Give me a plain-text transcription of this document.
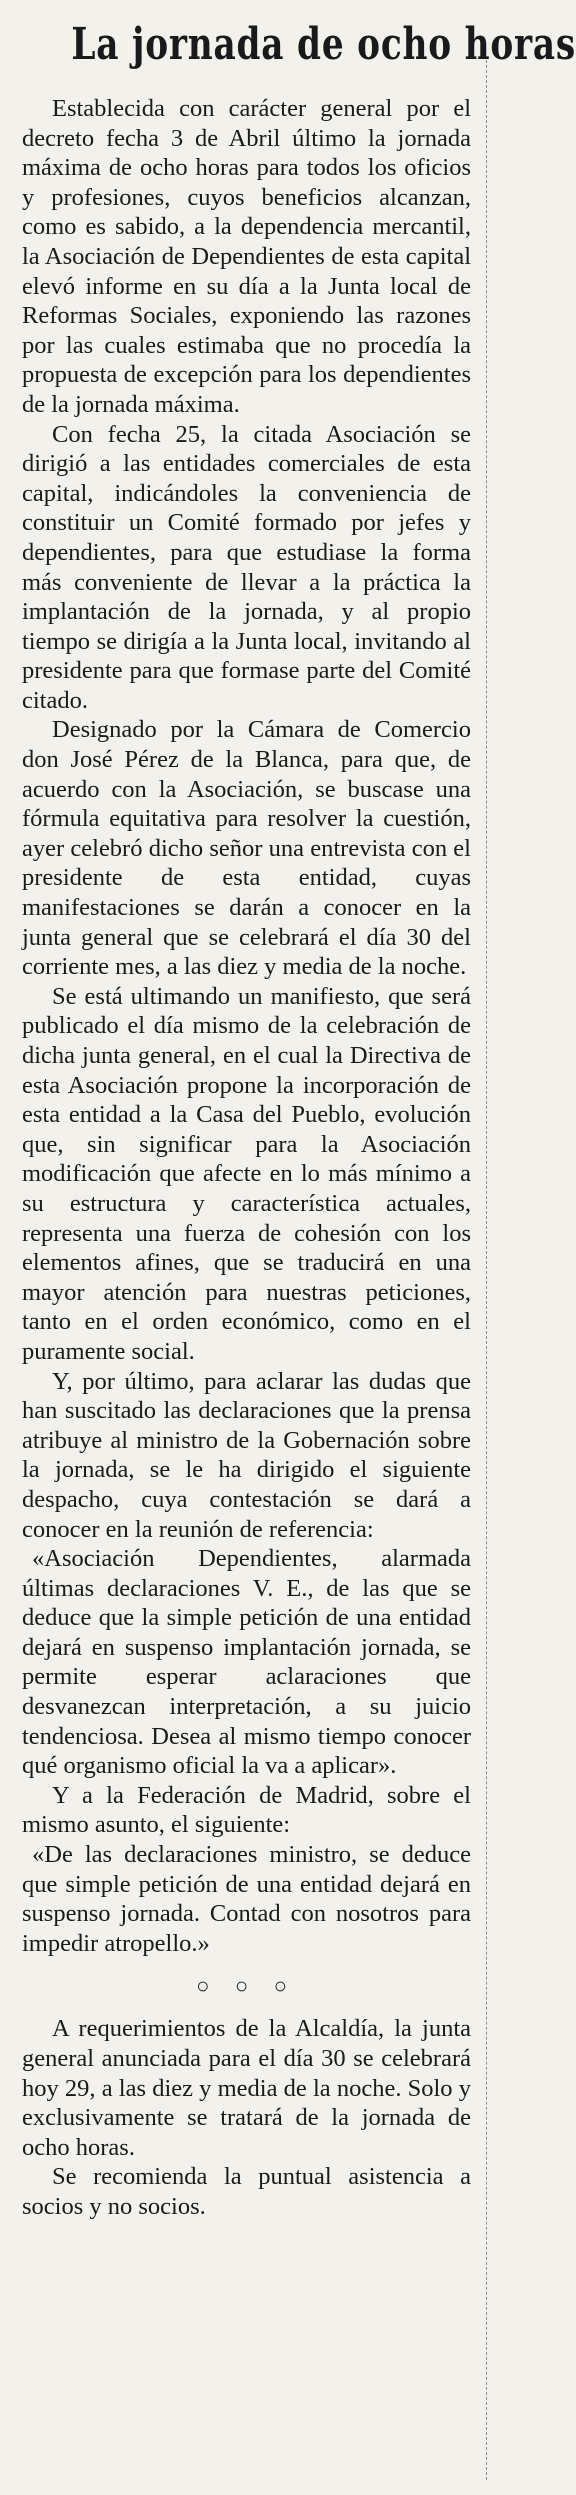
La jornada de ocho horas

Establecida con carácter general por el decreto fecha 3 de Abril último la jornada máxima de ocho horas para todos los oficios y profesiones, cuyos beneficios alcanzan, como es sabido, a la dependencia mercantil, la Asociación de Dependientes de esta capital elevó informe en su día a la Junta local de Reformas Sociales, exponiendo las razones por las cuales estimaba que no procedía la propuesta de excepción para los dependientes de la jornada máxima.

Con fecha 25, la citada Asociación se dirigió a las entidades comerciales de esta capital, indicándoles la conveniencia de constituir un Comité formado por jefes y dependientes, para que estudiase la forma más conveniente de llevar a la práctica la implantación de la jornada, y al propio tiempo se dirigía a la Junta local, invitando al presidente para que formase parte del Comité citado.

Designado por la Cámara de Comercio don José Pérez de la Blanca, para que, de acuerdo con la Asociación, se buscase una fórmula equitativa para resolver la cuestión, ayer celebró dicho señor una entrevista con el presidente de esta entidad, cuyas manifestaciones se darán a conocer en la junta general que se celebrará el día 30 del corriente mes, a las diez y media de la noche.

Se está ultimando un manifiesto, que será publicado el día mismo de la celebración de dicha junta general, en el cual la Directiva de esta Asociación propone la incorporación de esta entidad a la Casa del Pueblo, evolución que, sin significar para la Asociación modificación que afecte en lo más mínimo a su estructura y característica actuales, representa una fuerza de cohesión con los elementos afines, que se traducirá en una mayor atención para nuestras peticiones, tanto en el orden económico, como en el puramente social.

Y, por último, para aclarar las dudas que han suscitado las declaraciones que la prensa atribuye al ministro de la Gobernación sobre la jornada, se le ha dirigido el siguiente despacho, cuya contestación se dará a conocer en la reunión de referencia:

«Asociación Dependientes, alarmada últimas declaraciones V. E., de las que se deduce que la simple petición de una entidad dejará en suspenso implantación jornada, se permite esperar aclaraciones que desvanezcan interpretación, a su juicio tendenciosa. Desea al mismo tiempo conocer qué organismo oficial la va a aplicar».

Y a la Federación de Madrid, sobre el mismo asunto, el siguiente:

«De las declaraciones ministro, se deduce que simple petición de una entidad dejará en suspenso jornada. Contad con nosotros para impedir atropello.»

○ ○ ○

A requerimientos de la Alcaldía, la junta general anunciada para el día 30 se celebrará hoy 29, a las diez y media de la noche. Solo y exclusivamente se tratará de la jornada de ocho horas.

Se recomienda la puntual asistencia a socios y no socios.
